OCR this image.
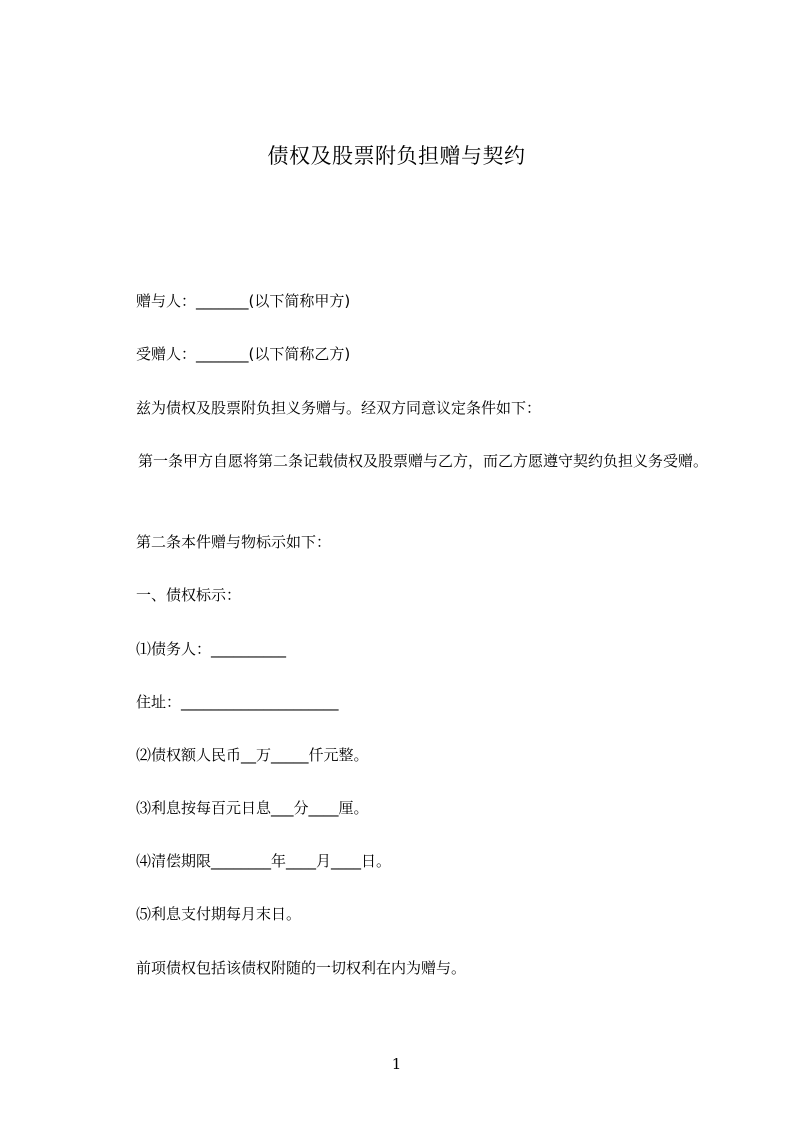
债权及股票附负担赠与契约
赠与人：_______(以下简称甲方)
受赠人：_______(以下简称乙方)
兹为债权及股票附负担义务赠与。经双方同意议定条件如下：
第一条甲方自愿将第二条记载债权及股票赠与乙方，而乙方愿遵守契约负担义务受赠。
第二条本件赠与物标示如下：
一、债权标示：
⑴债务人：__________
住址：_____________________
⑵债权额人民币__万_____仟元整。
⑶利息按每百元日息___分____厘。
⑷清偿期限________年____月____日。
⑸利息支付期每月末日。
前项债权包括该债权附随的一切权利在内为赠与。
1
